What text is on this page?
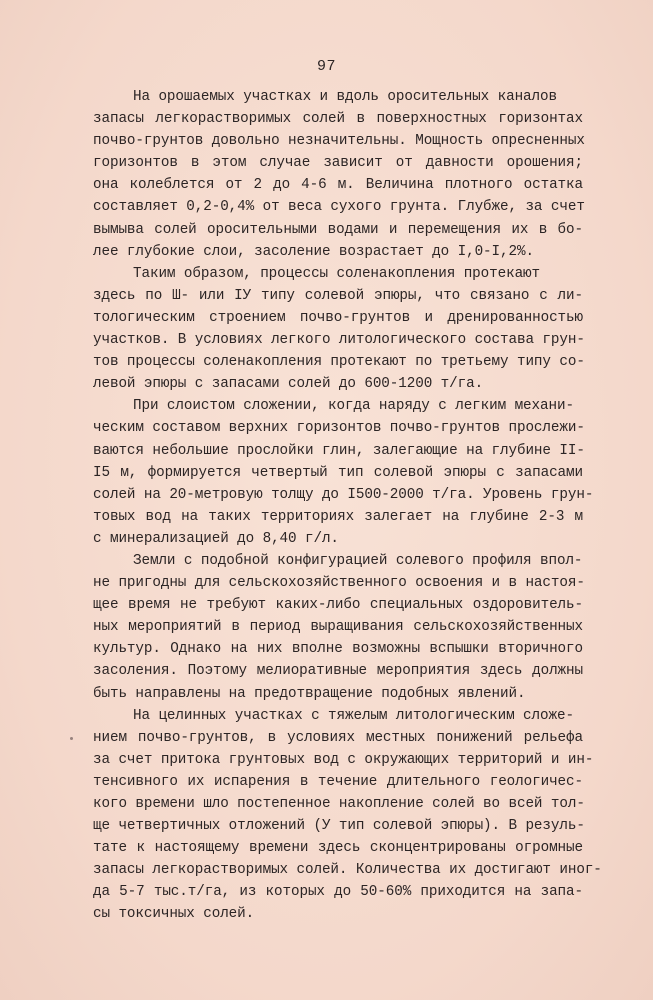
97
На орошаемых участках и вдоль оросительных каналов
запасы легкорастворимых солей в поверхностных горизонтах
почво-грунтов довольно незначительны. Мощность опресненных
горизонтов в этом случае зависит от давности орошения;
она колеблется от 2 до 4-6 м. Величина плотного остатка
составляет 0,2-0,4% от веса сухого грунта. Глубже, за счет
вымыва солей оросительными водами и перемещения их в бо-
лее глубокие слои, засоление возрастает до I,0-I,2%.
Таким образом, процессы соленакопления протекают
здесь по Ш- или IУ типу солевой эпюры, что связано с ли-
тологическим строением почво-грунтов и дренированностью
участков. В условиях легкого литологического состава грун-
тов процессы соленакопления протекают по третьему типу со-
левой эпюры с запасами солей до 600-1200 т/га.
При слоистом сложении, когда наряду с легким механи-
ческим составом верхних горизонтов почво-грунтов прослежи-
ваются небольшие прослойки глин, залегающие на глубине II-
I5 м, формируется четвертый тип солевой эпюры с запасами
солей на 20-метровую толщу до I500-2000 т/га. Уровень грун-
товых вод на таких территориях залегает на глубине 2-3 м
с минерализацией до 8,40 г/л.
Земли с подобной конфигурацией солевого профиля впол-
не пригодны для сельскохозяйственного освоения и в настоя-
щее время не требуют каких-либо специальных оздоровитель-
ных мероприятий в период выращивания сельскохозяйственных
культур. Однако на них вполне возможны вспышки вторичного
засоления. Поэтому мелиоративные мероприятия здесь должны
быть направлены на предотвращение подобных явлений.
На целинных участках с тяжелым литологическим сложе-
нием почво-грунтов, в условиях местных понижений рельефа
за счет притока грунтовых вод с окружающих территорий и ин-
тенсивного их испарения в течение длительного геологичес-
кого времени шло постепенное накопление солей во всей тол-
ще четвертичных отложений (У тип солевой эпюры). В резуль-
тате к настоящему времени здесь сконцентрированы огромные
запасы легкорастворимых солей. Количества их достигают иног-
да 5-7 тыс.т/га, из которых до 50-60% приходится на запа-
сы токсичных солей.
